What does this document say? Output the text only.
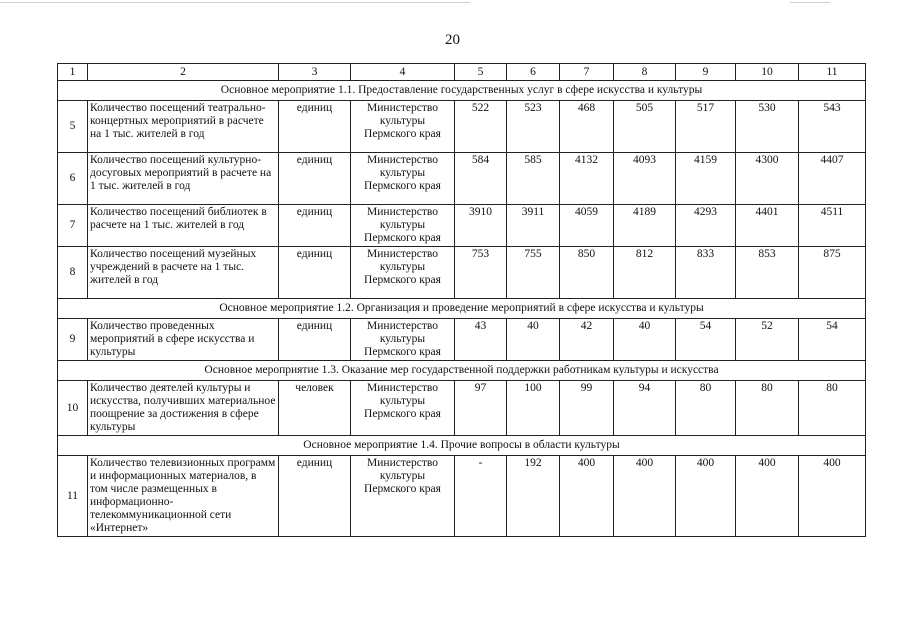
20
1	2	3	4	5	6	7	8	9	10	11
Основное мероприятие 1.1. Предоставление государственных услуг в сфере искусства и культуры										
5	Количество посещений театрально-концертных мероприятий в расчете на 1 тыс. жителей в год	единиц	Министерство культуры Пермского края	522	523	468	505	517	530	543
6	Количество посещений культурно-досуговых мероприятий в расчете на 1 тыс. жителей в год	единиц	Министерство культуры Пермского края	584	585	4132	4093	4159	4300	4407
7	Количество посещений библиотек в расчете на 1 тыс. жителей в год	единиц	Министерство культуры Пермского края	3910	3911	4059	4189	4293	4401	4511
8	Количество посещений музейных учреждений в расчете на 1 тыс. жителей в год	единиц	Министерство культуры Пермского края	753	755	850	812	833	853	875
Основное мероприятие 1.2. Организация и проведение мероприятий в сфере искусства и культуры										
9	Количество проведенных мероприятий в сфере искусства и культуры	единиц	Министерство культуры Пермского края	43	40	42	40	54	52	54
Основное мероприятие 1.3. Оказание мер государственной поддержки работникам культуры и искусства										
10	Количество деятелей культуры и искусства, получивших материальное поощрение за достижения в сфере культуры	человек	Министерство культуры Пермского края	97	100	99	94	80	80	80
Основное мероприятие 1.4. Прочие вопросы в области культуры										
11	Количество телевизионных программ и информационных материалов, в том числе размещенных в информационно-телекоммуникационной сети «Интернет»	единиц	Министерство культуры Пермского края	-	192	400	400	400	400	400
